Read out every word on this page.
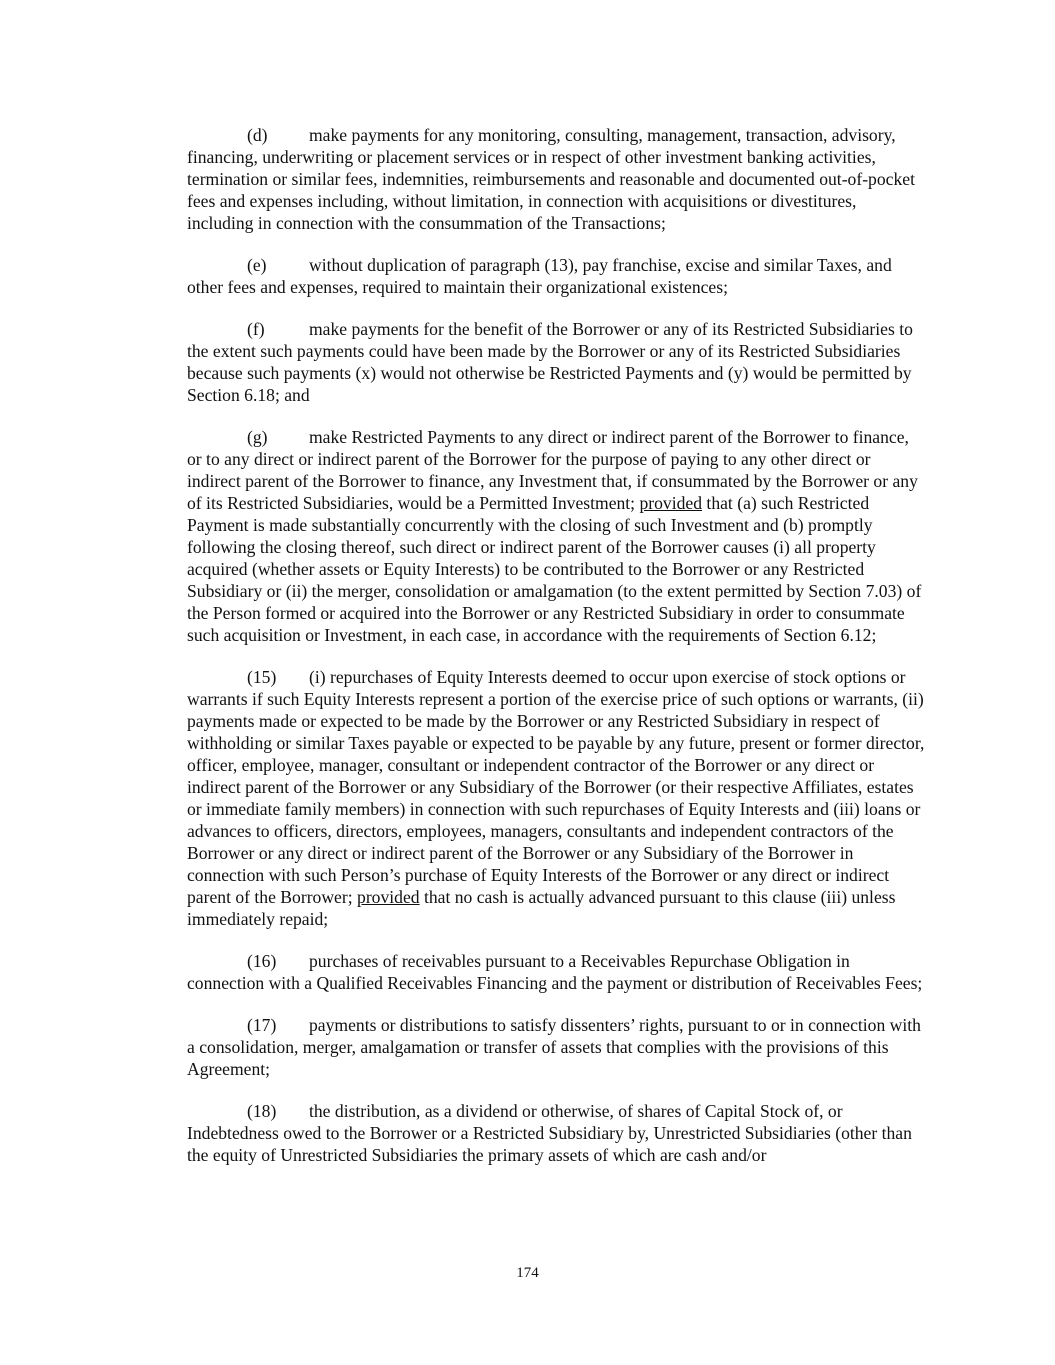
(d) make payments for any monitoring, consulting, management, transaction, advisory, financing, underwriting or placement services or in respect of other investment banking activities, termination or similar fees, indemnities, reimbursements and reasonable and documented out-of-pocket fees and expenses including, without limitation, in connection with acquisitions or divestitures, including in connection with the consummation of the Transactions;

(e) without duplication of paragraph (13), pay franchise, excise and similar Taxes, and other fees and expenses, required to maintain their organizational existences;

(f)	make payments for the benefit of the Borrower or any of its Restricted Subsidiaries to the extent such payments could have been made by the Borrower or any of its Restricted Subsidiaries because such payments (x) would not otherwise be Restricted Payments and (y) would be permitted by Section 6.18; and

(g) make Restricted Payments to any direct or indirect parent of the Borrower to finance, or to any direct or indirect parent of the Borrower for the purpose of paying to any other direct or indirect parent of the Borrower to finance, any Investment that, if consummated by the Borrower or any of its Restricted Subsidiaries, would be a Permitted Investment; provided that (a) such Restricted Payment is made substantially concurrently with the closing of such Investment and (b) promptly following the closing thereof, such direct or indirect parent of the Borrower causes (i) all property acquired (whether assets or Equity Interests) to be contributed to the Borrower or any Restricted Subsidiary or (ii) the merger, consolidation or amalgamation (to the extent permitted by Section 7.03) of the Person formed or acquired into the Borrower or any Restricted Subsidiary in order to consummate such acquisition or Investment, in each case, in accordance with the requirements of Section 6.12;

(15) (i) repurchases of Equity Interests deemed to occur upon exercise of stock options or warrants if such Equity Interests represent a portion of the exercise price of such options or warrants, (ii) payments made or expected to be made by the Borrower or any Restricted Subsidiary in respect of withholding or similar Taxes payable or expected to be payable by any future, present or former director, officer, employee, manager, consultant or independent contractor of the Borrower or any direct or indirect parent of the Borrower or any Subsidiary of the Borrower (or their respective Affiliates, estates or immediate family members) in connection with such repurchases of Equity Interests and (iii) loans or advances to officers, directors, employees, managers, consultants and independent contractors of the Borrower or any direct or indirect parent of the Borrower or any Subsidiary of the Borrower in connection with such Person’s purchase of Equity Interests of the Borrower or any direct or indirect parent of the Borrower; provided that no cash is actually advanced pursuant to this clause (iii) unless immediately repaid;

(16) purchases of receivables pursuant to a Receivables Repurchase Obligation in connection with a Qualified Receivables Financing and the payment or distribution of Receivables Fees;

(17) payments or distributions to satisfy dissenters’ rights, pursuant to or in connection with a consolidation, merger, amalgamation or transfer of assets that complies with the provisions of this Agreement;

(18) the distribution, as a dividend or otherwise, of shares of Capital Stock of, or Indebtedness owed to the Borrower or a Restricted Subsidiary by, Unrestricted Subsidiaries (other than the equity of Unrestricted Subsidiaries the primary assets of which are cash and/or

174
